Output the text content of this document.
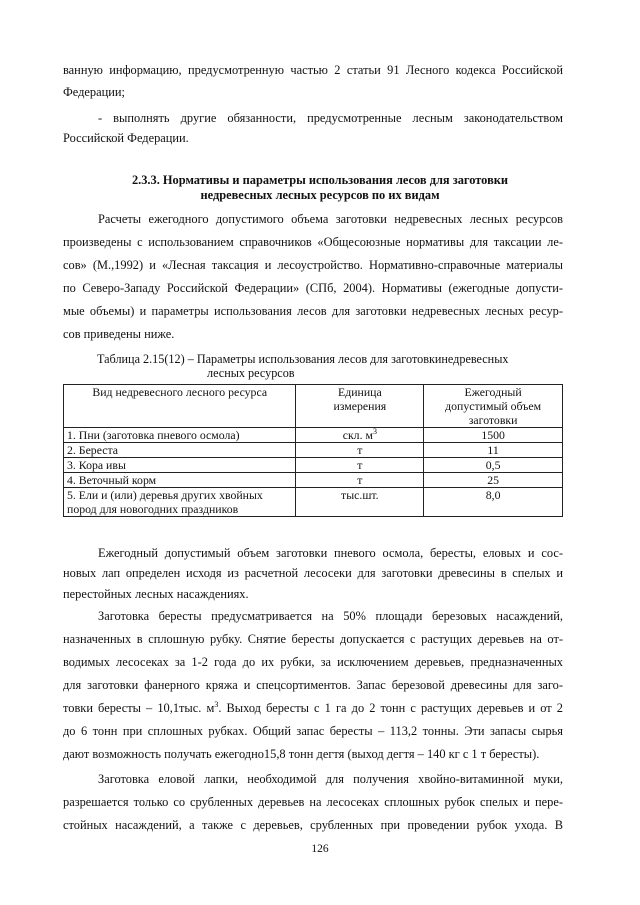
ванную информацию, предусмотренную частью 2 статьи 91 Лесного кодекса Российской
Федерации;
- выполнять другие обязанности, предусмотренные лесным законодательством
Российской Федерации.
2.3.3. Нормативы и параметры использования лесов для заготовки
недревесных лесных ресурсов по их видам
Расчеты ежегодного допустимого объема заготовки недревесных лесных ресурсов
произведены с использованием справочников «Общесоюзные нормативы для таксации ле-
сов» (М.,1992) и «Лесная таксация и лесоустройство. Нормативно-справочные материалы
по Северо-Западу Российской Федерации» (СПб, 2004). Нормативы (ежегодные допусти-
мые объемы) и параметры использования лесов для заготовки недревесных лесных ресур-
сов приведены ниже.
Таблица 2.15(12) – Параметры использования лесов для заготовкинедревесных
лесных ресурсов
Вид недревесного лесного ресурса	Единица
измерения	Ежегодный
допустимый объем
заготовки
1. Пни (заготовка пневого осмола)	скл. $м^3$	1500
2. Береста	т	11
3. Кора ивы	т	0,5
4. Веточный корм	т	25
5. Ели и (или) деревья других хвойных
пород для новогодних праздников	тыс.шт.	8,0
Ежегодный допустимый объем заготовки пневого осмола, бересты, еловых и сос-
новых лап определен исходя из расчетной лесосеки для заготовки древесины в спелых и
перестойных лесных насаждениях.
Заготовка бересты предусматривается на 50% площади березовых насаждений,
назначенных в сплошную рубку. Снятие бересты допускается с растущих деревьев на от-
водимых лесосеках за 1-2 года до их рубки, за исключением деревьев, предназначенных
для заготовки фанерного кряжа и спецсортиментов. Запас березовой древесины для заго-
товки бересты – 10,1тыс. $м^3$. Выход бересты с 1 га до 2 тонн с растущих деревьев и от 2
до 6 тонн при сплошных рубках. Общий запас бересты – 113,2 тонны. Эти запасы сырья
дают возможность получать ежегодно15,8 тонн дегтя (выход дегтя – 140 кг с 1 т бересты).
Заготовка еловой лапки, необходимой для получения хвойно-витаминной муки,
разрешается только со срубленных деревьев на лесосеках сплошных рубок спелых и пере-
стойных насаждений, а также с деревьев, срубленных при проведении рубок ухода. В
126
